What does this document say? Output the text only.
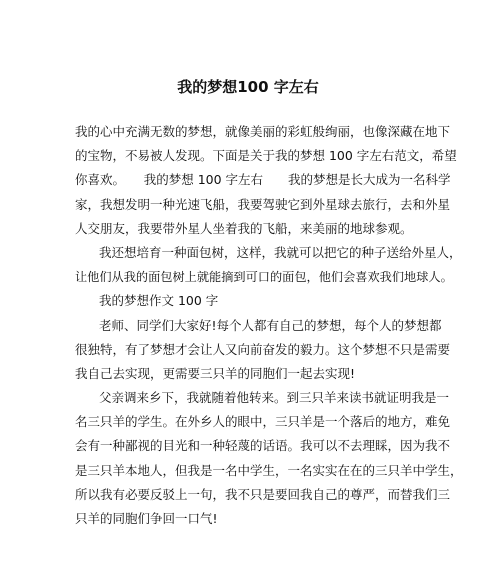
我的梦想100 字左右
我的心中充满无数的梦想，就像美丽的彩虹般绚丽，也像深藏在地下
的宝物，不易被人发现。下面是关于我的梦想 100 字左右范文，希望
你喜欢。　　我的梦想 100 字左右　　我的梦想是长大成为一名科学
家，我想发明一种光速飞船，我要驾驶它到外星球去旅行，去和外星
人交朋友，我要带外星人坐着我的飞船，来美丽的地球参观。
我还想培育一种面包树，这样，我就可以把它的种子送给外星人，
让他们从我的面包树上就能摘到可口的面包，他们会喜欢我们地球人。
我的梦想作文 100 字
老师、同学们大家好!每个人都有自己的梦想，每个人的梦想都
很独特，有了梦想才会让人又向前奋发的毅力。这个梦想不只是需要
我自己去实现，更需要三只羊的同胞们一起去实现!
父亲调来乡下，我就随着他转来。到三只羊来读书就证明我是一
名三只羊的学生。在外乡人的眼中，三只羊是一个落后的地方，难免
会有一种鄙视的目光和一种轻蔑的话语。我可以不去理睬，因为我不
是三只羊本地人，但我是一名中学生，一名实实在在的三只羊中学生，
所以我有必要反驳上一句，我不只是要回我自己的尊严，而替我们三
只羊的同胞们争回一口气!
